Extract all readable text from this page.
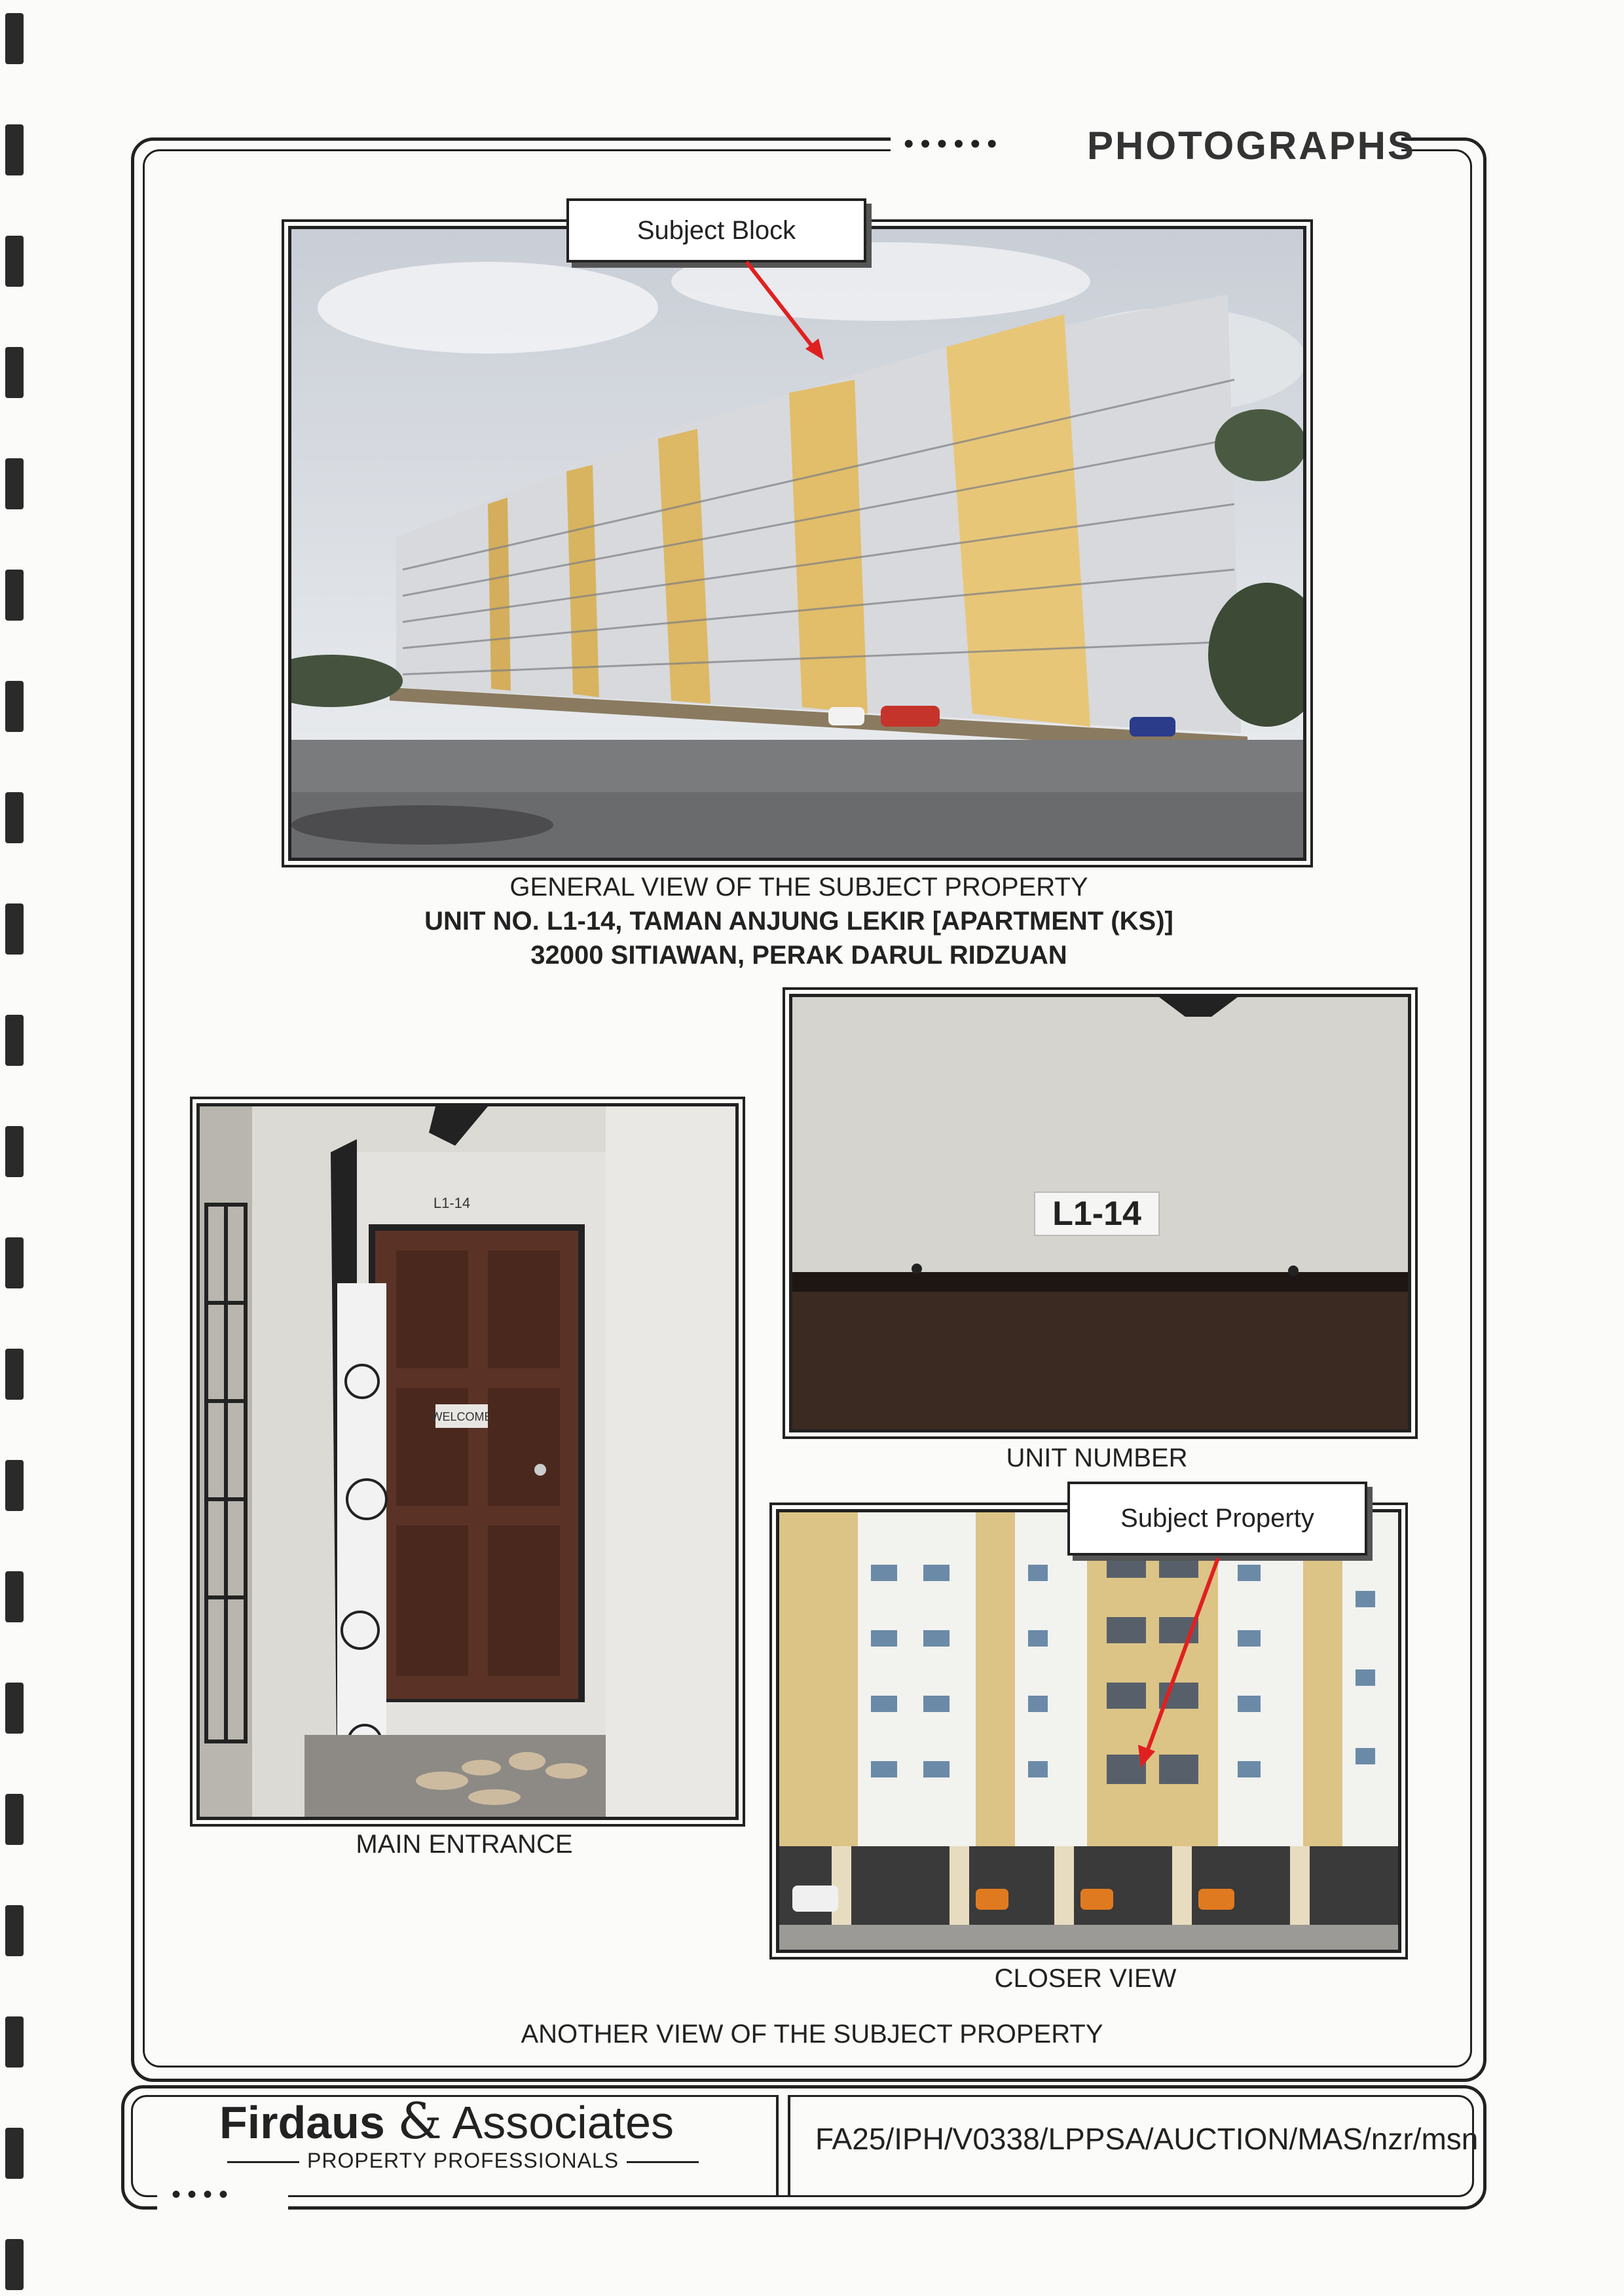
•••••• PHOTOGRAPHS
Subject Block
GENERAL VIEW OF THE SUBJECT PROPERTY
UNIT NO. L1-14, TAMAN ANJUNG LEKIR [APARTMENT (KS)]
32000 SITIAWAN, PERAK DARUL RIDZUAN
L1-14
UNIT NUMBER
WELCOME
L1-14
MAIN ENTRANCE
Subject Property
CLOSER VIEW
ANOTHER VIEW OF THE SUBJECT PROPERTY
Firdaus & Associates
PROPERTY PROFESSIONALS
FA25/IPH/V0338/LPPSA/AUCTION/MAS/nzr/msn
••••
